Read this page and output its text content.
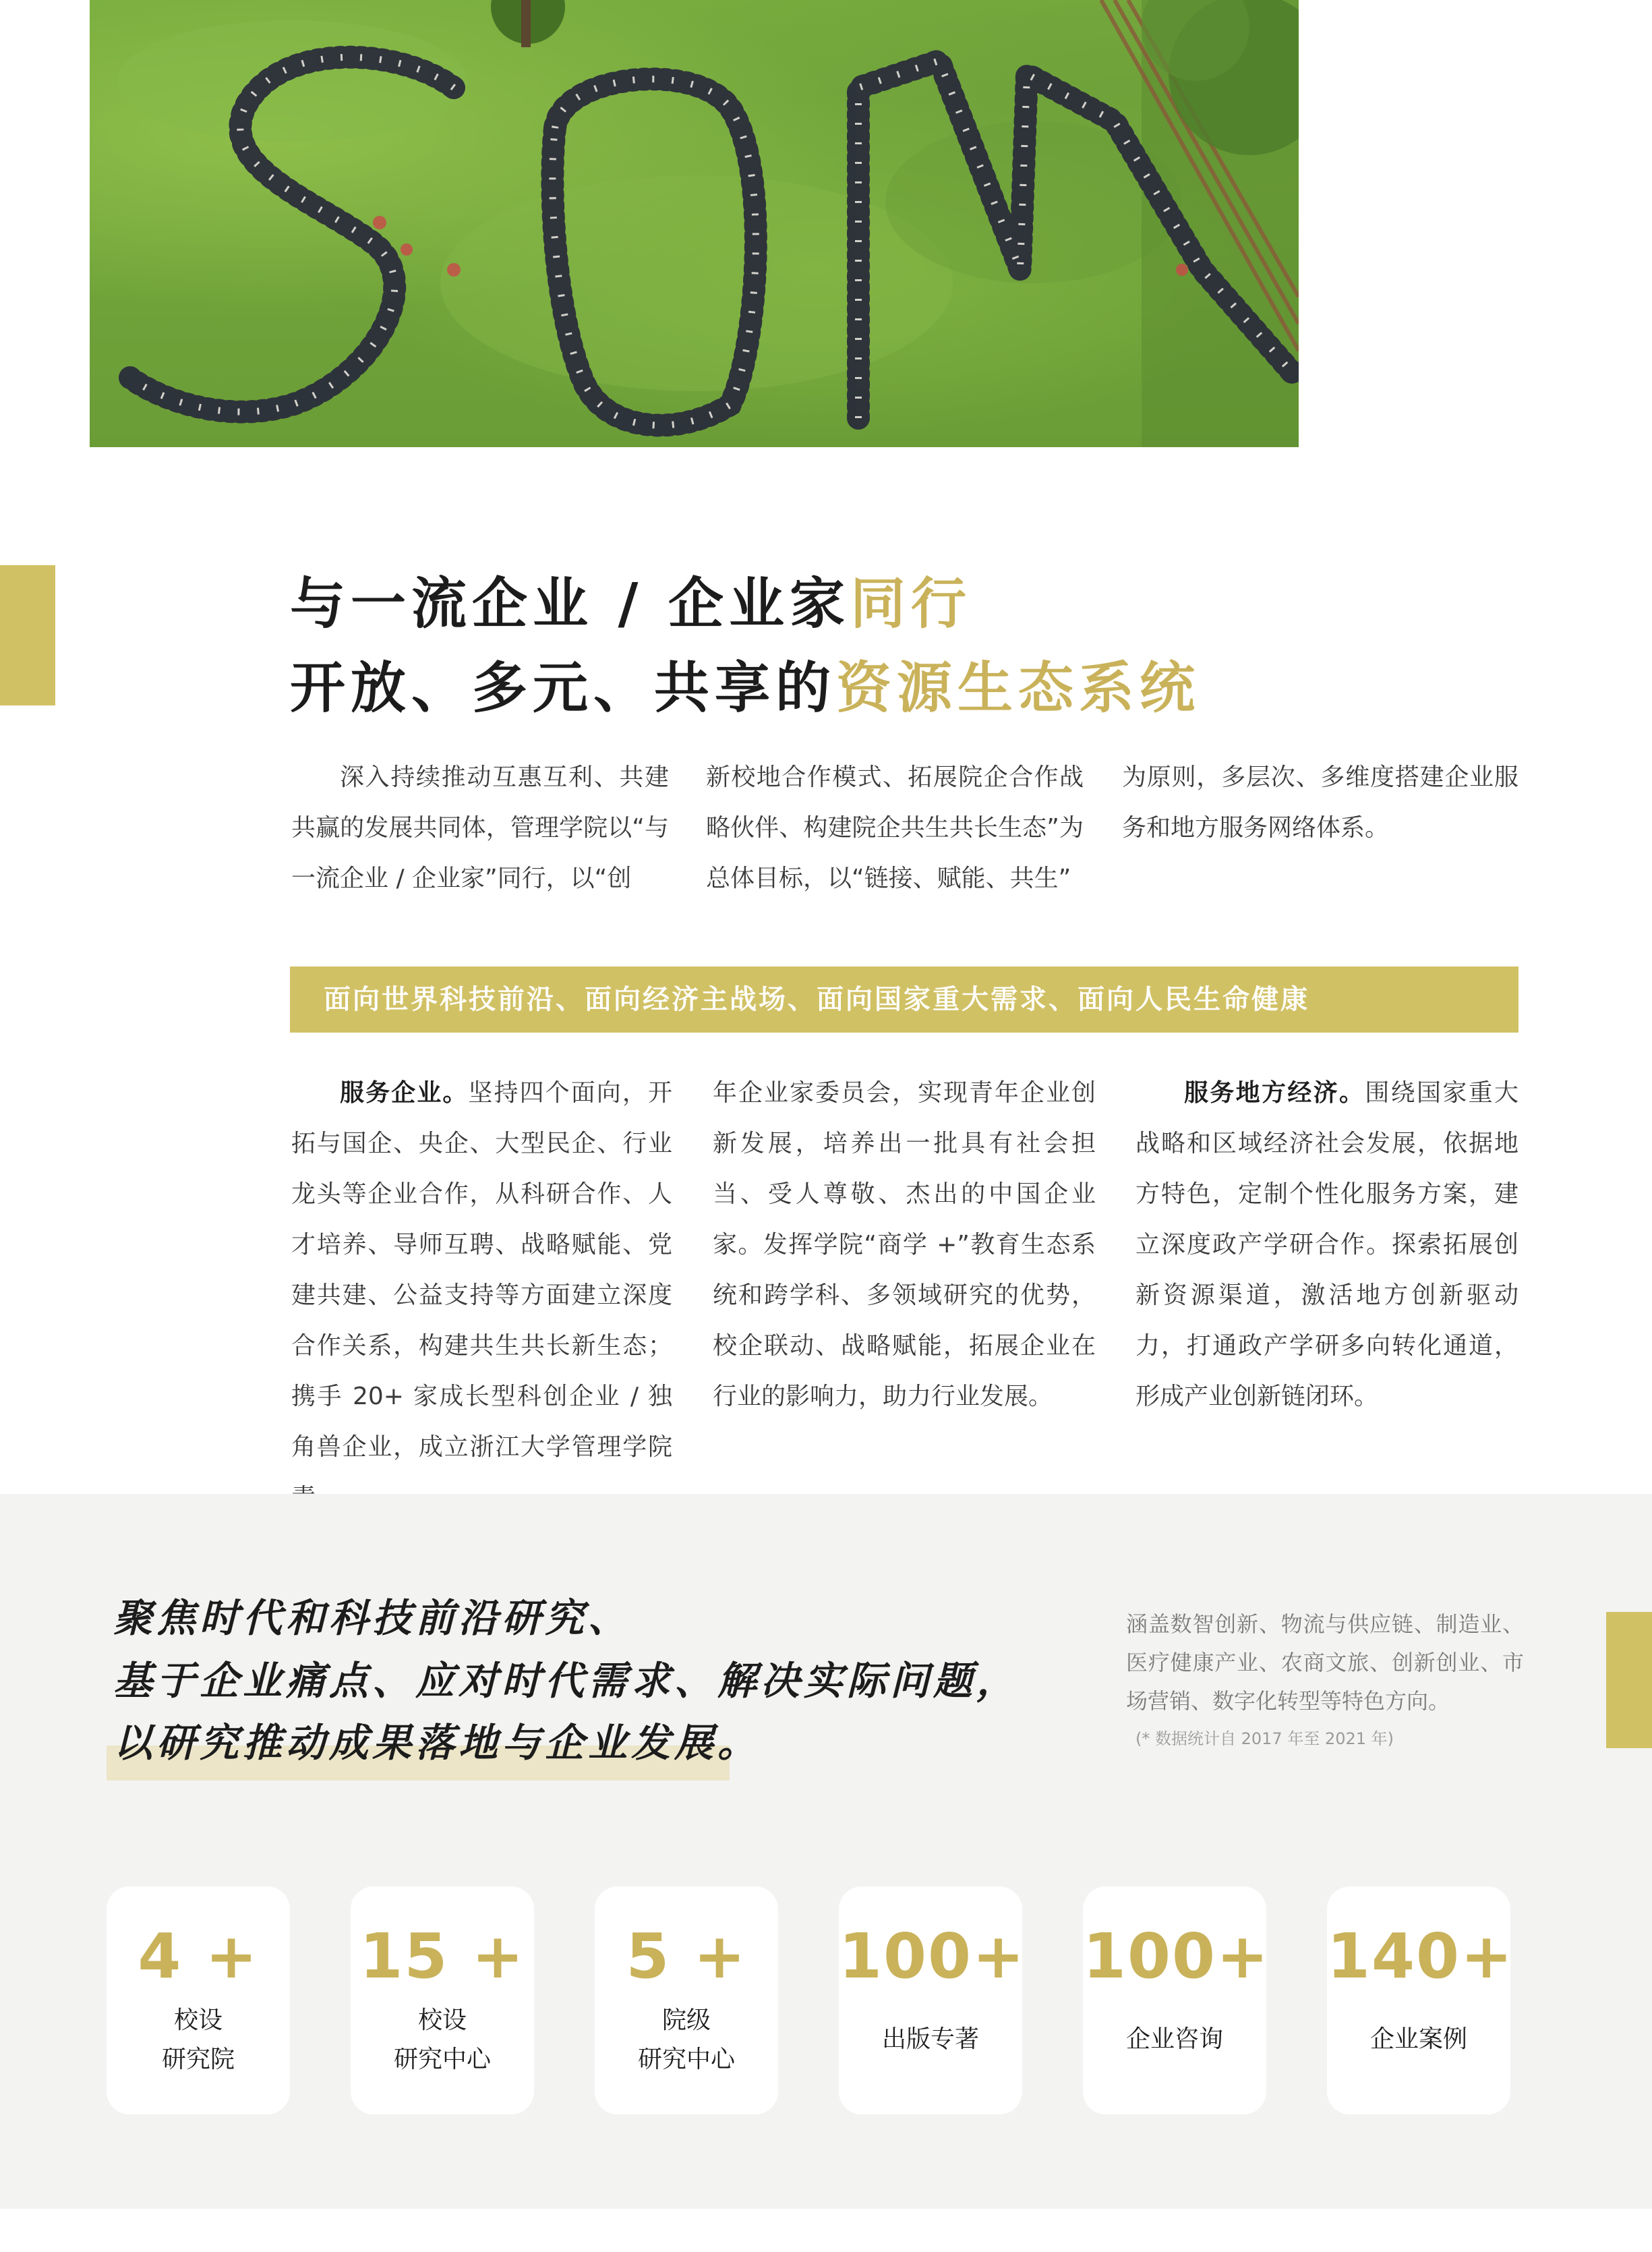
与一流企业 / 企业家同行
开放、多元、共享的资源生态系统

深入持续推动互惠互利、共建共赢的发展共同体，管理学院以“与一流企业 / 企业家”同行，以“创

新校地合作模式、拓展院企合作战略伙伴、构建院企共生共长生态”为总体目标，以“链接、赋能、共生”

为原则，多层次、多维度搭建企业服务和地方服务网络体系。

面向世界科技前沿、面向经济主战场、面向国家重大需求、面向人民生命健康

服务企业。坚持四个面向，开拓与国企、央企、大型民企、行业龙头等企业合作，从科研合作、人才培养、导师互聘、战略赋能、党建共建、公益支持等方面建立深度合作关系，构建共生共长新生态；携手 20+ 家成长型科创企业 / 独角兽企业，成立浙江大学管理学院

年企业家委员会，实现青年企业创新发展，培养出一批具有社会担当、受人尊敬、杰出的中国企业家。发挥学院“商学 +”教育生态系统和跨学科、多领域研究的优势，校企联动、战略赋能，拓展企业在行业的影响力，助力行业发展。

服务地方经济。围绕国家重大战略和区域经济社会发展，依据地方特色，定制个性化服务方案，建立深度政产学研合作。探索拓展创新资源渠道，激活地方创新驱动力，打通政产学研多向转化通道，形成产业创新链闭环。

聚焦时代和科技前沿研究、
基于企业痛点、应对时代需求、解决实际问题，
以研究推动成果落地与企业发展。
涵盖数智创新、物流与供应链、制造业、医疗健康产业、农商文旅、创新创业、市场营销、数字化转型等特色方向。
(* 数据统计自 2017 年至 2021 年)
4 +
校设
研究院
15 +
校设
研究中心
5 +
院级
研究中心
100+
出版专著
100+
企业咨询
140+
企业案例
